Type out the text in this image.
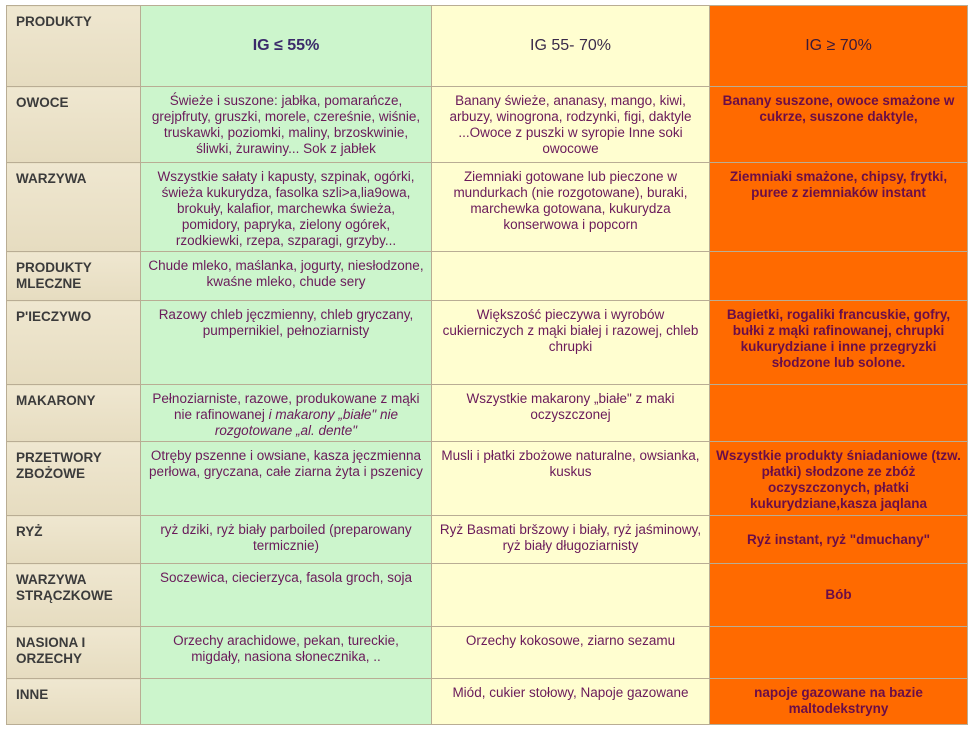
PRODUKTY	IG ≤ 55%	IG 55- 70%	IG ≥ 70%

OWOCE	Świeże i suszone: jabłka, pomarańcze, grejpfruty, gruszki, morele, czereśnie, wiśnie, truskawki, poziomki, maliny, brzoskwinie, śliwki, żurawiny... Sok z jabłek	Banany świeże, ananasy, mango, kiwi, arbuzy, winogrona, rodzynki, figi, daktyle ...Owoce z puszki w syropie Inne soki owocowe	Banany suszone, owoce smażone w cukrze, suszone daktyle,
WARZYWA	Wszystkie sałaty i kapusty, szpinak, ogórki, świeża kukurydza, fasolka szli>a,lia9owa, brokuły, kalafior, marchewka świeża, pomidory, papryka, zielony ogórek, rzodkiewki, rzepa, szparagi, grzyby...	Ziemniaki gotowane lub pieczone w mundurkach (nie rozgotowane), buraki, marchewka gotowana, kukurydza konserwowa i popcorn	Ziemniaki smażone, chipsy, frytki, puree z ziemniaków instant
PRODUKTY MLECZNE	Chude mleko, maślanka, jogurty, niesłodzone, kwaśne mleko, chude sery		
P'IECZYWO	Razowy chleb jęczmienny, chleb gryczany, pumpernikiel, pełnoziarnisty	Większość pieczywa i wyrobów cukierniczych z mąki białej i razowej, chleb chrupki	Bagietki, rogaliki francuskie, gofry, bułki z mąki rafinowanej, chrupki kukurydziane i inne przegryzki słodzone lub solone.
MAKARONY	Pełnoziarniste, razowe, produkowane z mąki nie rafinowanej i makarony „białe" nie rozgotowane „al. dente"	Wszystkie makarony „białe" z maki oczyszczonej	
PRZETWORY ZBOŻOWE	Otręby pszenne i owsiane, kasza jęczmienna perłowa, gryczana, całe ziarna żyta i pszenicy	Musli i płatki zbożowe naturalne, owsianka, kuskus	Wszystkie produkty śniadaniowe (tzw. płatki) słodzone ze zbóż oczyszczonych, płatki kukurydziane,kasza jaqlana
RYŻ	ryż dziki, ryż biały parboiled (preparowany termicznie)	Ryż Basmati bršzowy i biały, ryż jaśminowy, ryż biały długoziarnisty	Ryż instant, ryż "dmuchany"
WARZYWA STRĄCZKOWE	Soczewica, ciecierzyca, fasola groch, soja		Bób
NASIONA I ORZECHY	Orzechy arachidowe, pekan, tureckie, migdały, nasiona słonecznika, ..	Orzechy kokosowe, ziarno sezamu	
INNE		Miód, cukier stołowy, Napoje gazowane	napoje gazowane na bazie maltodekstryny
